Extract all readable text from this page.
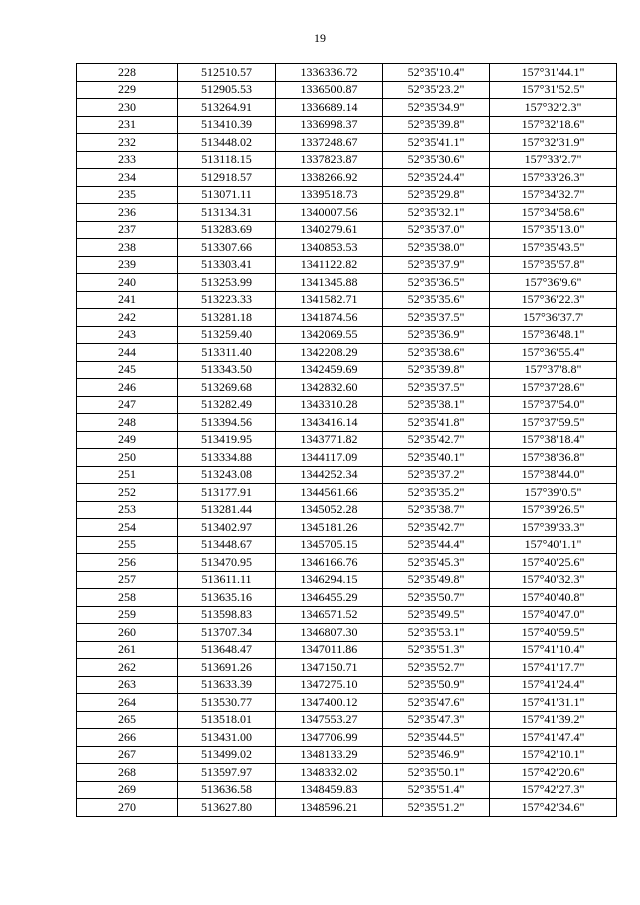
19
228	512510.57	1336336.72	52°35'10.4"	157°31'44.1"
229	512905.53	1336500.87	52°35'23.2"	157°31'52.5"
230	513264.91	1336689.14	52°35'34.9"	157°32'2.3"
231	513410.39	1336998.37	52°35'39.8"	157°32'18.6"
232	513448.02	1337248.67	52°35'41.1"	157°32'31.9"
233	513118.15	1337823.87	52°35'30.6"	157°33'2.7"
234	512918.57	1338266.92	52°35'24.4"	157°33'26.3"
235	513071.11	1339518.73	52°35'29.8"	157°34'32.7"
236	513134.31	1340007.56	52°35'32.1"	157°34'58.6"
237	513283.69	1340279.61	52°35'37.0"	157°35'13.0"
238	513307.66	1340853.53	52°35'38.0"	157°35'43.5"
239	513303.41	1341122.82	52°35'37.9"	157°35'57.8"
240	513253.99	1341345.88	52°35'36.5"	157°36'9.6"
241	513223.33	1341582.71	52°35'35.6"	157°36'22.3"
242	513281.18	1341874.56	52°35'37.5"	157°36'37.7'
243	513259.40	1342069.55	52°35'36.9"	157°36'48.1"
244	513311.40	1342208.29	52°35'38.6"	157°36'55.4"
245	513343.50	1342459.69	52°35'39.8"	157°37'8.8"
246	513269.68	1342832.60	52°35'37.5"	157°37'28.6"
247	513282.49	1343310.28	52°35'38.1"	157°37'54.0"
248	513394.56	1343416.14	52°35'41.8"	157°37'59.5"
249	513419.95	1343771.82	52°35'42.7"	157°38'18.4"
250	513334.88	1344117.09	52°35'40.1"	157°38'36.8"
251	513243.08	1344252.34	52°35'37.2"	157°38'44.0"
252	513177.91	1344561.66	52°35'35.2"	157°39'0.5"
253	513281.44	1345052.28	52°35'38.7"	157°39'26.5"
254	513402.97	1345181.26	52°35'42.7"	157°39'33.3"
255	513448.67	1345705.15	52°35'44.4"	157°40'1.1"
256	513470.95	1346166.76	52°35'45.3"	157°40'25.6"
257	513611.11	1346294.15	52°35'49.8"	157°40'32.3"
258	513635.16	1346455.29	52°35'50.7"	157°40'40.8"
259	513598.83	1346571.52	52°35'49.5"	157°40'47.0"
260	513707.34	1346807.30	52°35'53.1"	157°40'59.5"
261	513648.47	1347011.86	52°35'51.3"	157°41'10.4"
262	513691.26	1347150.71	52°35'52.7"	157°41'17.7"
263	513633.39	1347275.10	52°35'50.9"	157°41'24.4"
264	513530.77	1347400.12	52°35'47.6"	157°41'31.1"
265	513518.01	1347553.27	52°35'47.3"	157°41'39.2"
266	513431.00	1347706.99	52°35'44.5"	157°41'47.4"
267	513499.02	1348133.29	52°35'46.9"	157°42'10.1"
268	513597.97	1348332.02	52°35'50.1"	157°42'20.6"
269	513636.58	1348459.83	52°35'51.4"	157°42'27.3"
270	513627.80	1348596.21	52°35'51.2"	157°42'34.6"
